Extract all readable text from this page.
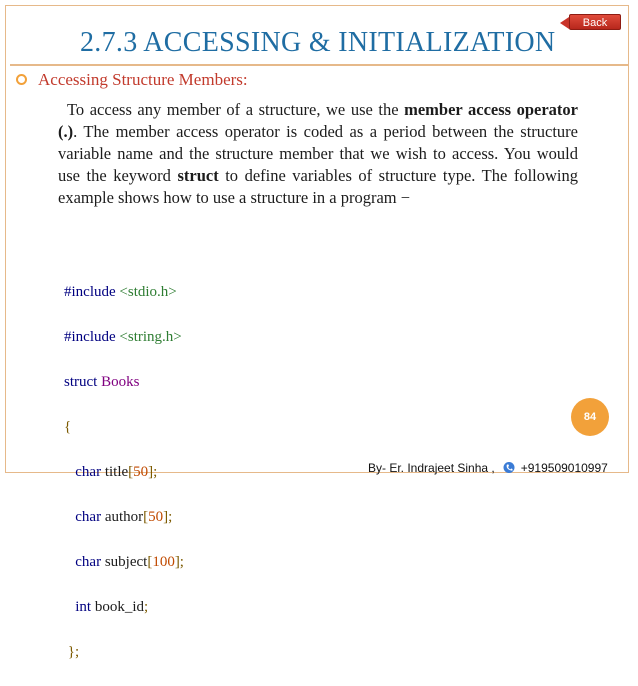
Back
2.7.3 ACCESSING & INITIALIZATION
Accessing Structure Members:
To access any member of a structure, we use the member access operator (.). The member access operator is coded as a period between the structure variable name and the structure member that we wish to access. You would use the keyword struct to define variables of structure type. The following example shows how to use a structure in a program −

#include <stdio.h>

#include <string.h>

struct Books

{

char title[50];

char author[50];

char subject[100];

int book_id;

};

84
By- Er. Indrajeet Sinha , +919509010997
